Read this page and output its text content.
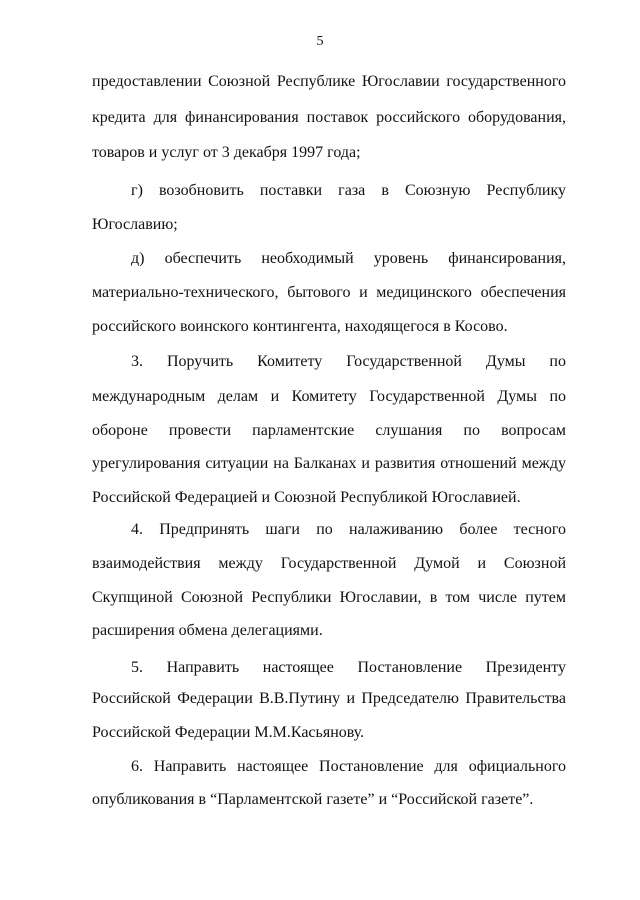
5
предоставлении Союзной Республике Югославии государственного
кредита для финансирования поставок российского оборудования,
товаров и услуг от 3 декабря 1997 года;
г) возобновить поставки газа в Союзную Республику
Югославию;
д) обеспечить необходимый уровень финансирования,
материально-технического, бытового и медицинского обеспечения
российского воинского контингента, находящегося в Косово.
3. Поручить Комитету Государственной Думы по
международным делам и Комитету Государственной Думы по
обороне провести парламентские слушания по вопросам
урегулирования ситуации на Балканах и развития отношений между
Российской Федерацией и Союзной Республикой Югославией.
4. Предпринять шаги по налаживанию более тесного
взаимодействия между Государственной Думой и Союзной
Скупщиной Союзной Республики Югославии, в том числе путем
расширения обмена делегациями.
5. Направить настоящее Постановление Президенту
Российской Федерации В.В.Путину и Председателю Правительства
Российской Федерации М.М.Касьянову.
6. Направить настоящее Постановление для официального
опубликования в “Парламентской газете” и “Российской газете”.
